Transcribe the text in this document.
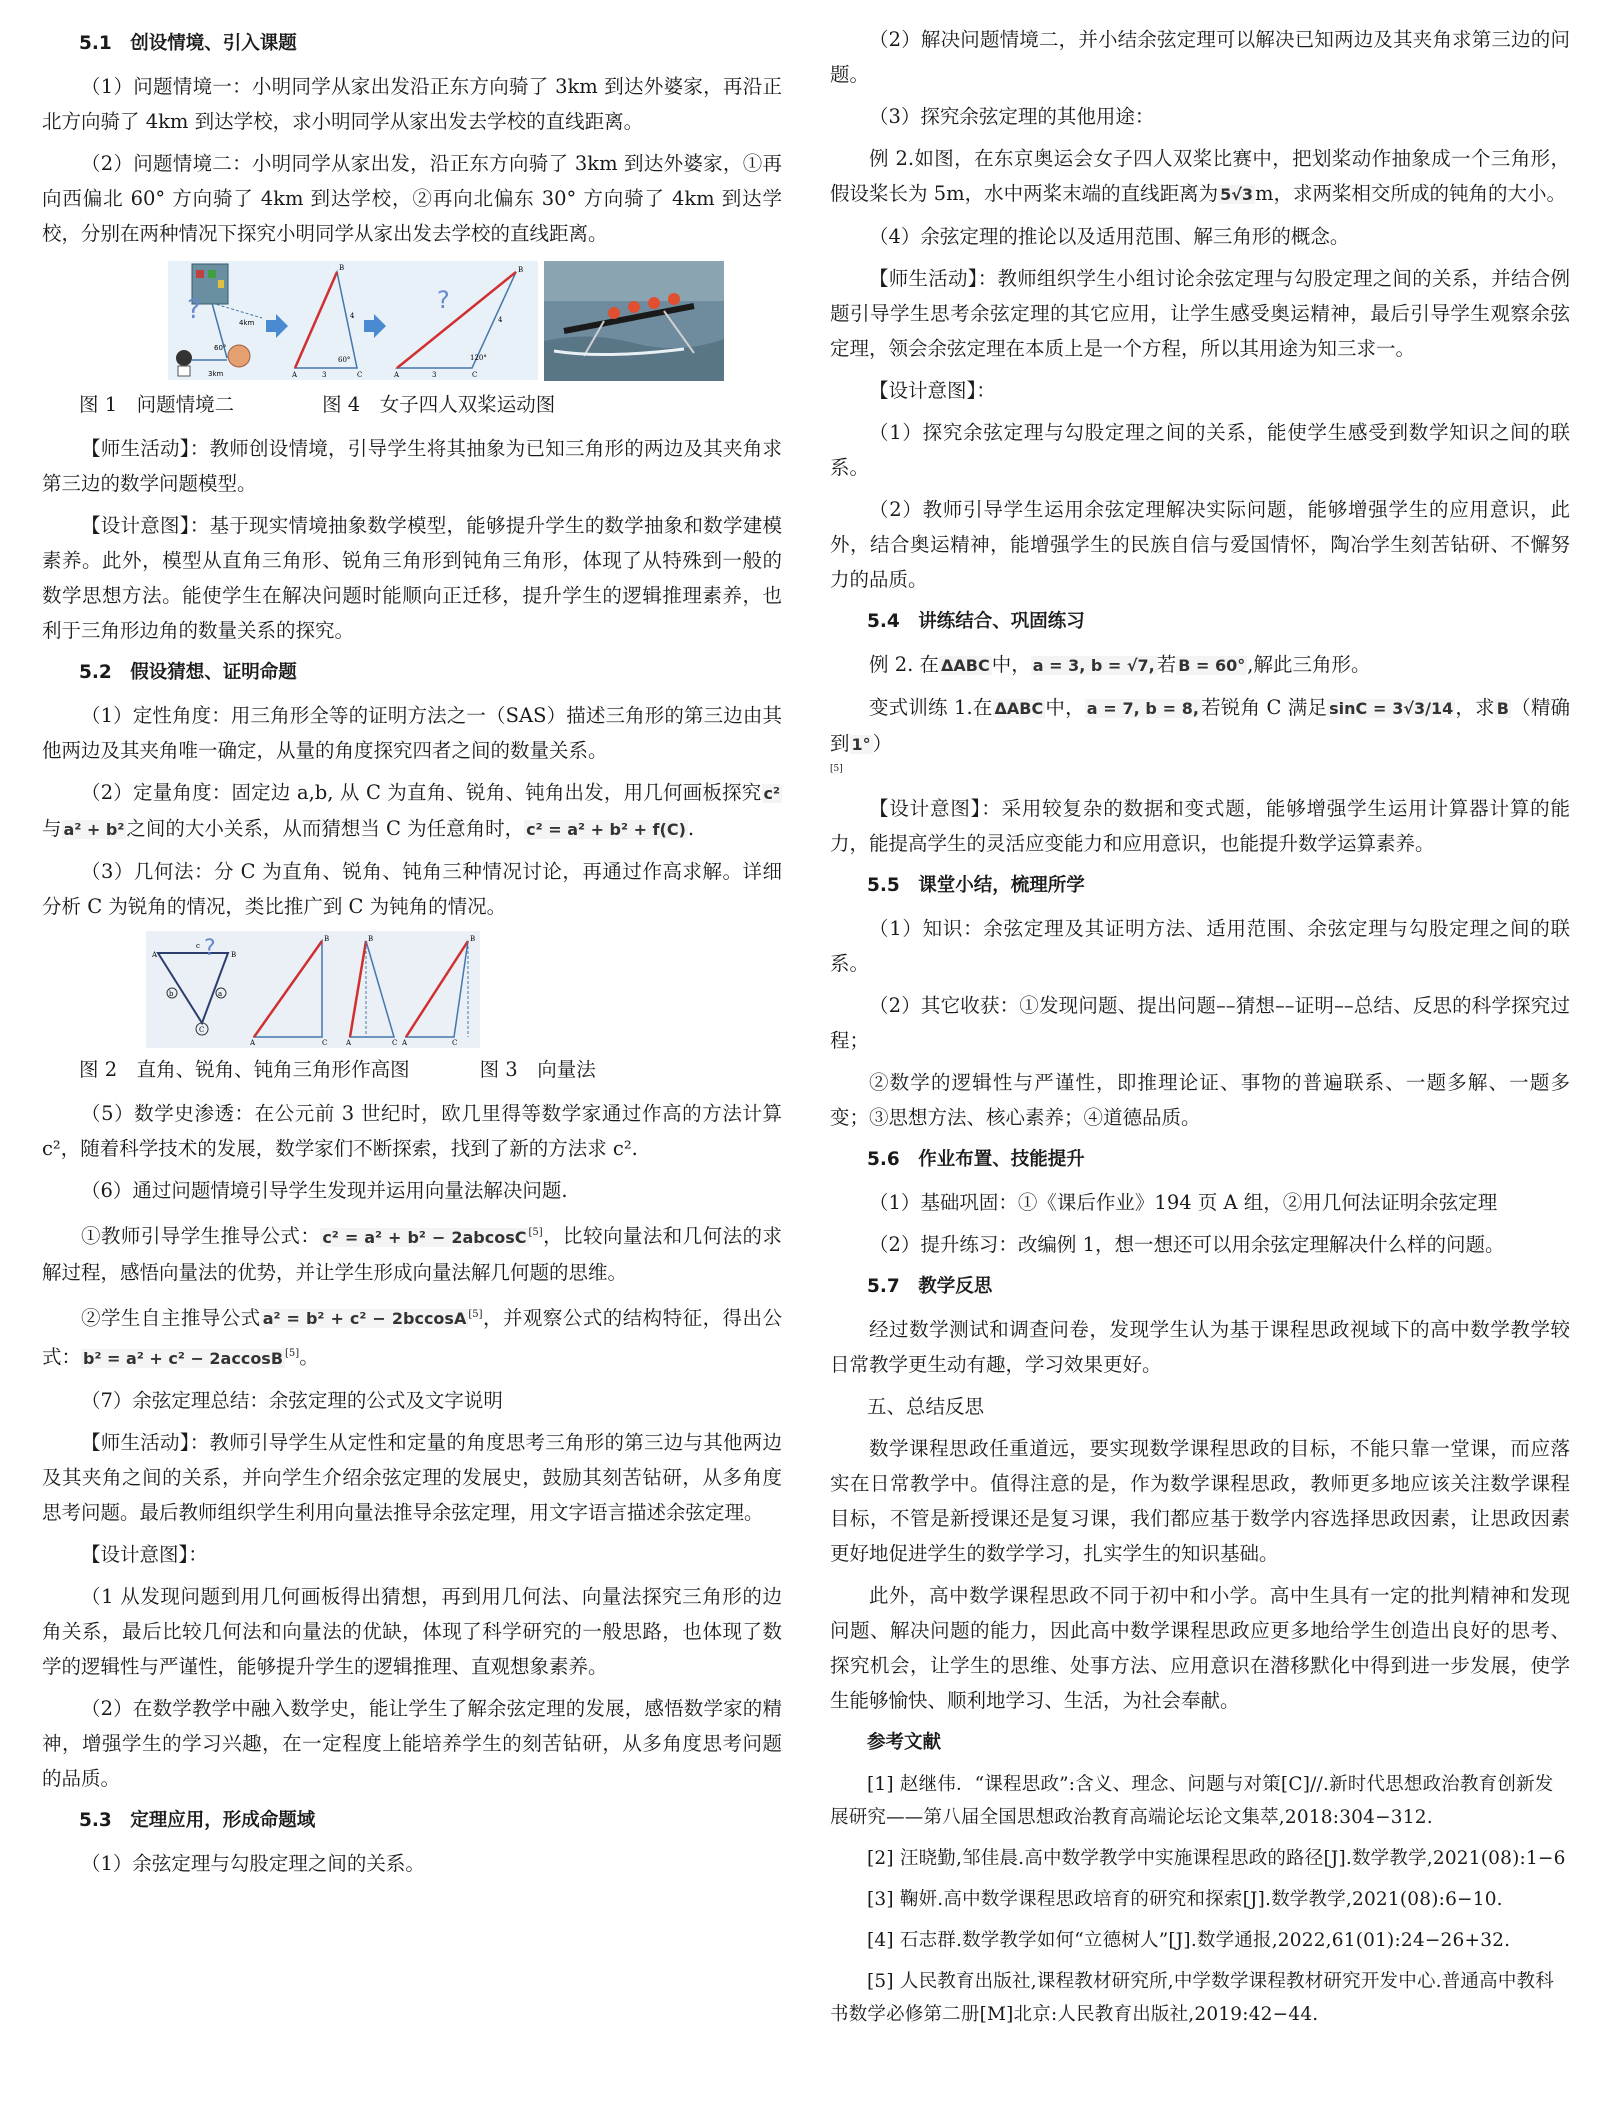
5.1　创设情境、引入课题

（1）问题情境一：小明同学从家出发沿正东方向骑了 3km 到达外婆家，再沿正北方向骑了 4km 到达学校，求小明同学从家出发去学校的直线距离。

（2）问题情境二：小明同学从家出发，沿正东方向骑了 3km 到达外婆家，①再向西偏北 60° 方向骑了 4km 到达学校，②再向北偏东 30° 方向骑了 4km 到达学校，分别在两种情况下探究小明同学从家出发去学校的直线距离。

?	4km
60°
3km	A	3	C
B
4
60°
?
A	3	C
B
4
120°
图 1　问题情境二	图 4　女子四人双桨运动图

【师生活动】：教师创设情境，引导学生将其抽象为已知三角形的两边及其夹角求第三边的数学问题模型。

【设计意图】：基于现实情境抽象数学模型，能够提升学生的数学抽象和数学建模素养。此外，模型从直角三角形、锐角三角形到钝角三角形，体现了从特殊到一般的数学思想方法。能使学生在解决问题时能顺向正迁移，提升学生的逻辑推理素养，也利于三角形边角的数量关系的探究。

5.2　假设猜想、证明命题

（1）定性角度：用三角形全等的证明方法之一（SAS）描述三角形的第三边由其他两边及其夹角唯一确定，从量的角度探究四者之间的数量关系。

（2）定量角度：固定边 a,b, 从 C 为直角、锐角、钝角出发，用几何画板探究 c²与 a² + b² 之间的大小关系，从而猜想当 C 为任意角时， c² = a² + b² + f(C) .

（3）几何法：分 C 为直角、锐角、钝角三种情况讨论，再通过作高求解。详细分析 C 为锐角的情况，类比推广到 C 为钝角的情况。

c ?
A	B
b	a
C
B
A	C
B
A	C
B
A	C
图 2　直角、锐角、钝角三角形作高图	图 3　向量法

（5）数学史渗透：在公元前 3 世纪时，欧几里得等数学家通过作高的方法计算 c²，随着科学技术的发展，数学家们不断探索，找到了新的方法求 c².

（6）通过问题情境引导学生发现并运用向量法解决问题.

①教师引导学生推导公式： c² = a² + b² − 2abcosC [5]，比较向量法和几何法的求解过程，感悟向量法的优势，并让学生形成向量法解几何题的思维。

②学生自主推导公式 a² = b² + c² − 2bccosA [5]，并观察公式的结构特征，得出公式： b² = a² + c² − 2accosB [5]。

（7）余弦定理总结：余弦定理的公式及文字说明

【师生活动】：教师引导学生从定性和定量的角度思考三角形的第三边与其他两边及其夹角之间的关系，并向学生介绍余弦定理的发展史，鼓励其刻苦钻研，从多角度思考问题。最后教师组织学生利用向量法推导余弦定理，用文字语言描述余弦定理。

【设计意图】：

（1 从发现问题到用几何画板得出猜想，再到用几何法、向量法探究三角形的边角关系，最后比较几何法和向量法的优缺，体现了科学研究的一般思路，也体现了数学的逻辑性与严谨性，能够提升学生的逻辑推理、直观想象素养。

（2）在数学教学中融入数学史，能让学生了解余弦定理的发展，感悟数学家的精神，增强学生的学习兴趣，在一定程度上能培养学生的刻苦钻研，从多角度思考问题的品质。

5.3　定理应用，形成命题域

（1）余弦定理与勾股定理之间的关系。

（2）解决问题情境二，并小结余弦定理可以解决已知两边及其夹角求第三边的问题。

（3）探究余弦定理的其他用途：

例 2.如图，在东京奥运会女子四人双桨比赛中，把划桨动作抽象成一个三角形，假设桨长为 5m，水中两桨末端的直线距离为 5√3 m，求两桨相交所成的钝角的大小。

（4）余弦定理的推论以及适用范围、解三角形的概念。

【师生活动】：教师组织学生小组讨论余弦定理与勾股定理之间的关系，并结合例题引导学生思考余弦定理的其它应用，让学生感受奥运精神，最后引导学生观察余弦定理，领会余弦定理在本质上是一个方程，所以其用途为知三求一。

【设计意图】：

（1）探究余弦定理与勾股定理之间的关系，能使学生感受到数学知识之间的联系。

（2）教师引导学生运用余弦定理解决实际问题，能够增强学生的应用意识，此外，结合奥运精神，能增强学生的民族自信与爱国情怀，陶冶学生刻苦钻研、不懈努力的品质。

5.4　讲练结合、巩固练习

例 2. 在 ΔABC 中， a = 3, b = √7, 若 B = 60° ,解此三角形。

变式训练 1.在 ΔABC 中， a = 7, b = 8, 若锐角 C 满足 sinC = 3√3/14 ，求 B （精确到 1° ）

[5]

【设计意图】：采用较复杂的数据和变式题，能够增强学生运用计算器计算的能力，能提高学生的灵活应变能力和应用意识，也能提升数学运算素养。

5.5　课堂小结，梳理所学

（1）知识：余弦定理及其证明方法、适用范围、余弦定理与勾股定理之间的联系。

（2）其它收获：①发现问题、提出问题––猜想––证明––总结、反思的科学探究过程；

②数学的逻辑性与严谨性，即推理论证、事物的普遍联系、一题多解、一题多变；③思想方法、核心素养；④道德品质。

5.6　作业布置、技能提升

（1）基础巩固：①《课后作业》194 页 A 组，②用几何法证明余弦定理

（2）提升练习：改编例 1，想一想还可以用余弦定理解决什么样的问题。

5.7　教学反思

经过数学测试和调查问卷，发现学生认为基于课程思政视域下的高中数学教学较日常教学更生动有趣，学习效果更好。

五、总结反思

数学课程思政任重道远，要实现数学课程思政的目标，不能只靠一堂课，而应落实在日常教学中。值得注意的是，作为数学课程思政，教师更多地应该关注数学课程目标，不管是新授课还是复习课，我们都应基于数学内容选择思政因素，让思政因素更好地促进学生的数学学习，扎实学生的知识基础。

此外，高中数学课程思政不同于初中和小学。高中生具有一定的批判精神和发现问题、解决问题的能力，因此高中数学课程思政应更多地给学生创造出良好的思考、探究机会，让学生的思维、处事方法、应用意识在潜移默化中得到进一步发展，使学生能够愉快、顺利地学习、生活，为社会奉献。

参考文献

[1] 赵继伟．“课程思政”:含义、理念、问题与对策[C]//.新时代思想政治教育创新发展研究——第八届全国思想政治教育高端论坛论文集萃,2018:304−312.

[2] 汪晓勤,邹佳晨.高中数学教学中实施课程思政的路径[J].数学教学,2021(08):1−6

[3] 鞠妍.高中数学课程思政培育的研究和探索[J].数学教学,2021(08):6−10.

[4] 石志群.数学教学如何“立德树人”[J].数学通报,2022,61(01):24−26+32.

[5] 人民教育出版社,课程教材研究所,中学数学课程教材研究开发中心.普通高中教科书数学必修第二册[M]北京:人民教育出版社,2019:42−44.
